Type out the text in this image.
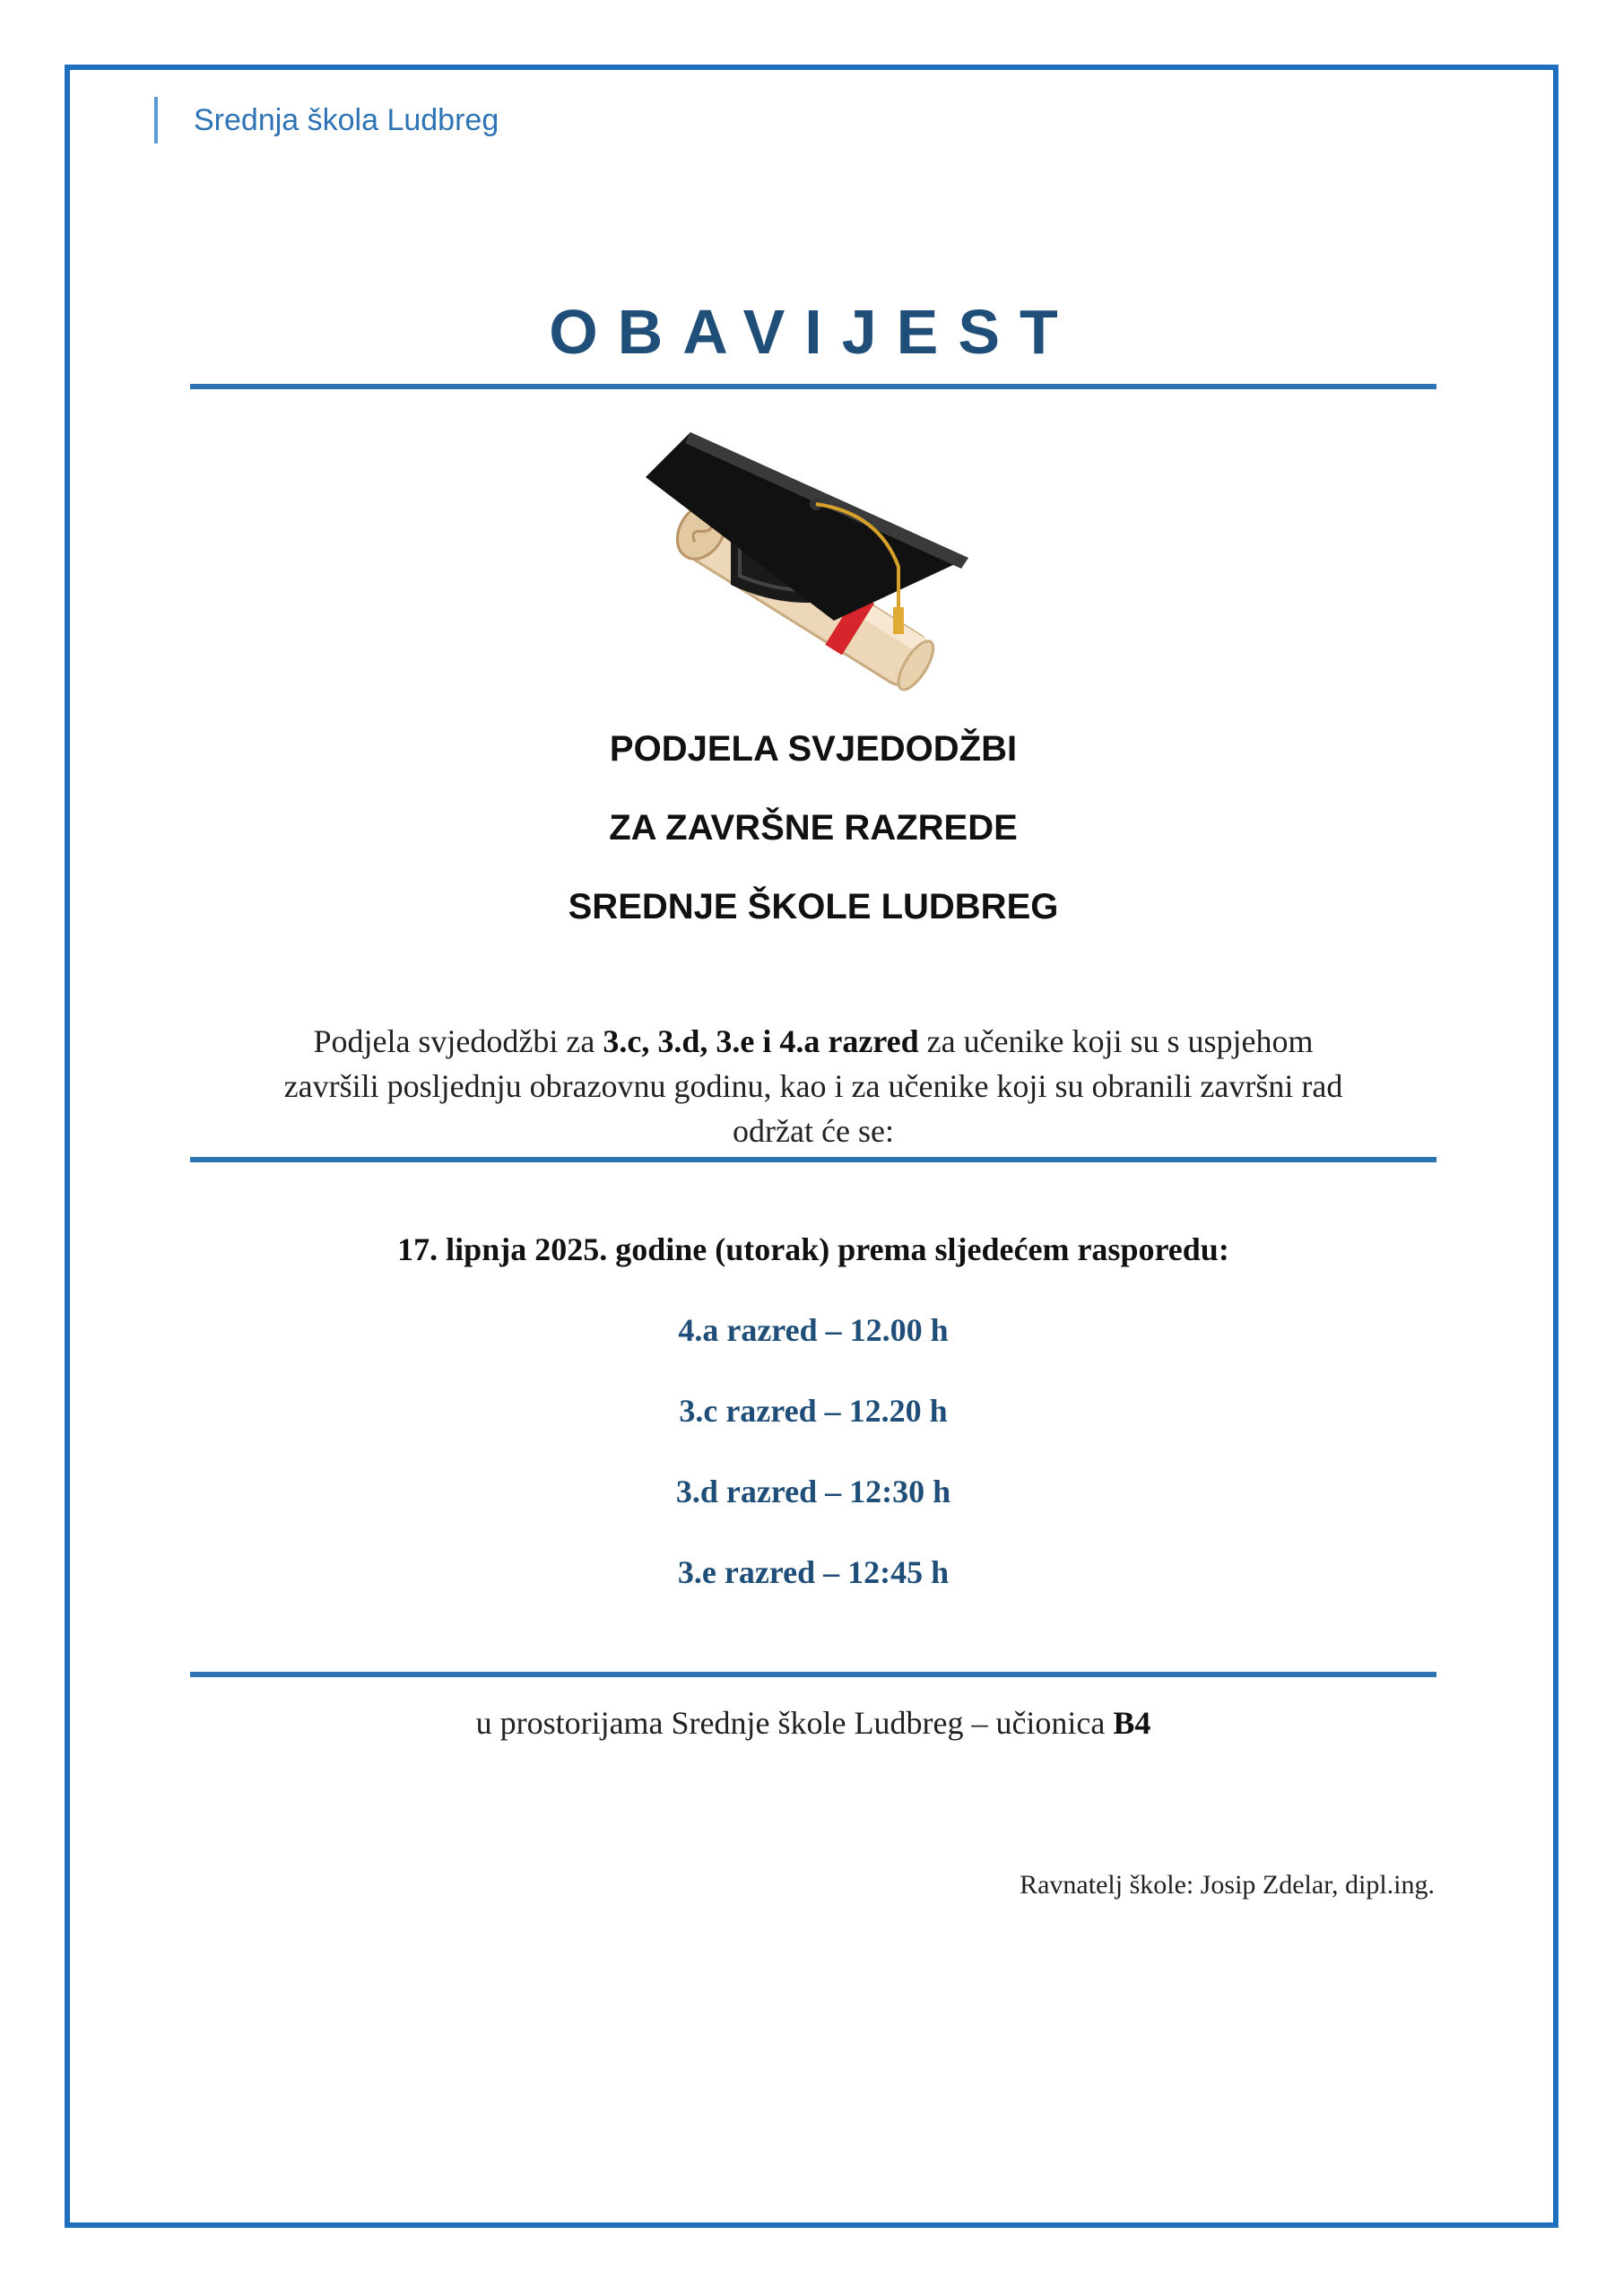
Srednja škola Ludbreg
OBAVIJEST
PODJELA SVJEDODŽBI
ZA ZAVRŠNE RAZREDE
SREDNJE ŠKOLE LUDBREG
Podjela svjedodžbi za 3.c, 3.d, 3.e i 4.a razred za učenike koji su s uspjehom
završili posljednju obrazovnu godinu, kao i za učenike koji su obranili završni rad
održat će se:
17. lipnja 2025. godine (utorak) prema sljedećem rasporedu:
4.a razred – 12.00 h
3.c razred – 12.20 h
3.d razred – 12:30 h
3.e razred – 12:45 h
u prostorijama Srednje škole Ludbreg – učionica B4
Ravnatelj škole: Josip Zdelar, dipl.ing.
